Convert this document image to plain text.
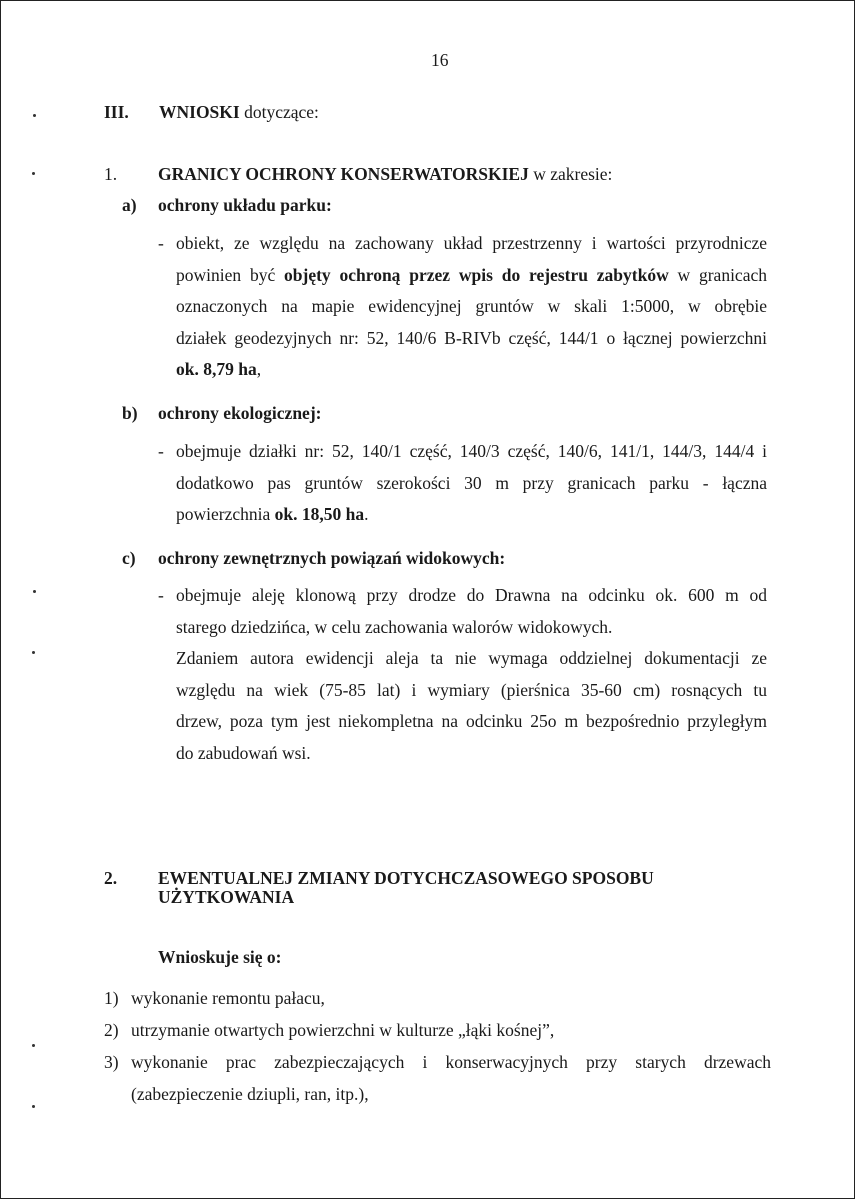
16
III. WNIOSKI dotyczące:
1. GRANICY OCHRONY KONSERWATORSKIEJ w zakresie:
a) ochrony układu parku:
- obiekt, ze względu na zachowany układ przestrzenny i wartości przyrodnicze
powinien być objęty ochroną przez wpis do rejestru zabytków w granicach
oznaczonych na mapie ewidencyjnej gruntów w skali 1:5000, w obrębie
działek geodezyjnych nr: 52, 140/6 B-RIVb część, 144/1 o łącznej powierzchni
ok. 8,79 ha,
b) ochrony ekologicznej:
- obejmuje działki nr: 52, 140/1 część, 140/3 część, 140/6, 141/1, 144/3, 144/4 i
dodatkowo pas gruntów szerokości 30 m przy granicach parku - łączna
powierzchnia ok. 18,50 ha.
c) ochrony zewnętrznych powiązań widokowych:
- obejmuje aleję klonową przy drodze do Drawna na odcinku ok. 600 m od
starego dziedzińca, w celu zachowania walorów widokowych.
Zdaniem autora ewidencji aleja ta nie wymaga oddzielnej dokumentacji ze
względu na wiek (75-85 lat) i wymiary (pierśnica 35-60 cm) rosnących tu
drzew, poza tym jest niekompletna na odcinku 25o m bezpośrednio przyległym
do zabudowań wsi.
2. EWENTUALNEJ ZMIANY DOTYCHCZASOWEGO SPOSOBU
UŻYTKOWANIA
Wnioskuje się o:
1) wykonanie remontu pałacu,
2) utrzymanie otwartych powierzchni w kulturze „łąki kośnej”,
3) wykonanie prac zabezpieczających i konserwacyjnych przy starych drzewach
(zabezpieczenie dziupli, ran, itp.),
